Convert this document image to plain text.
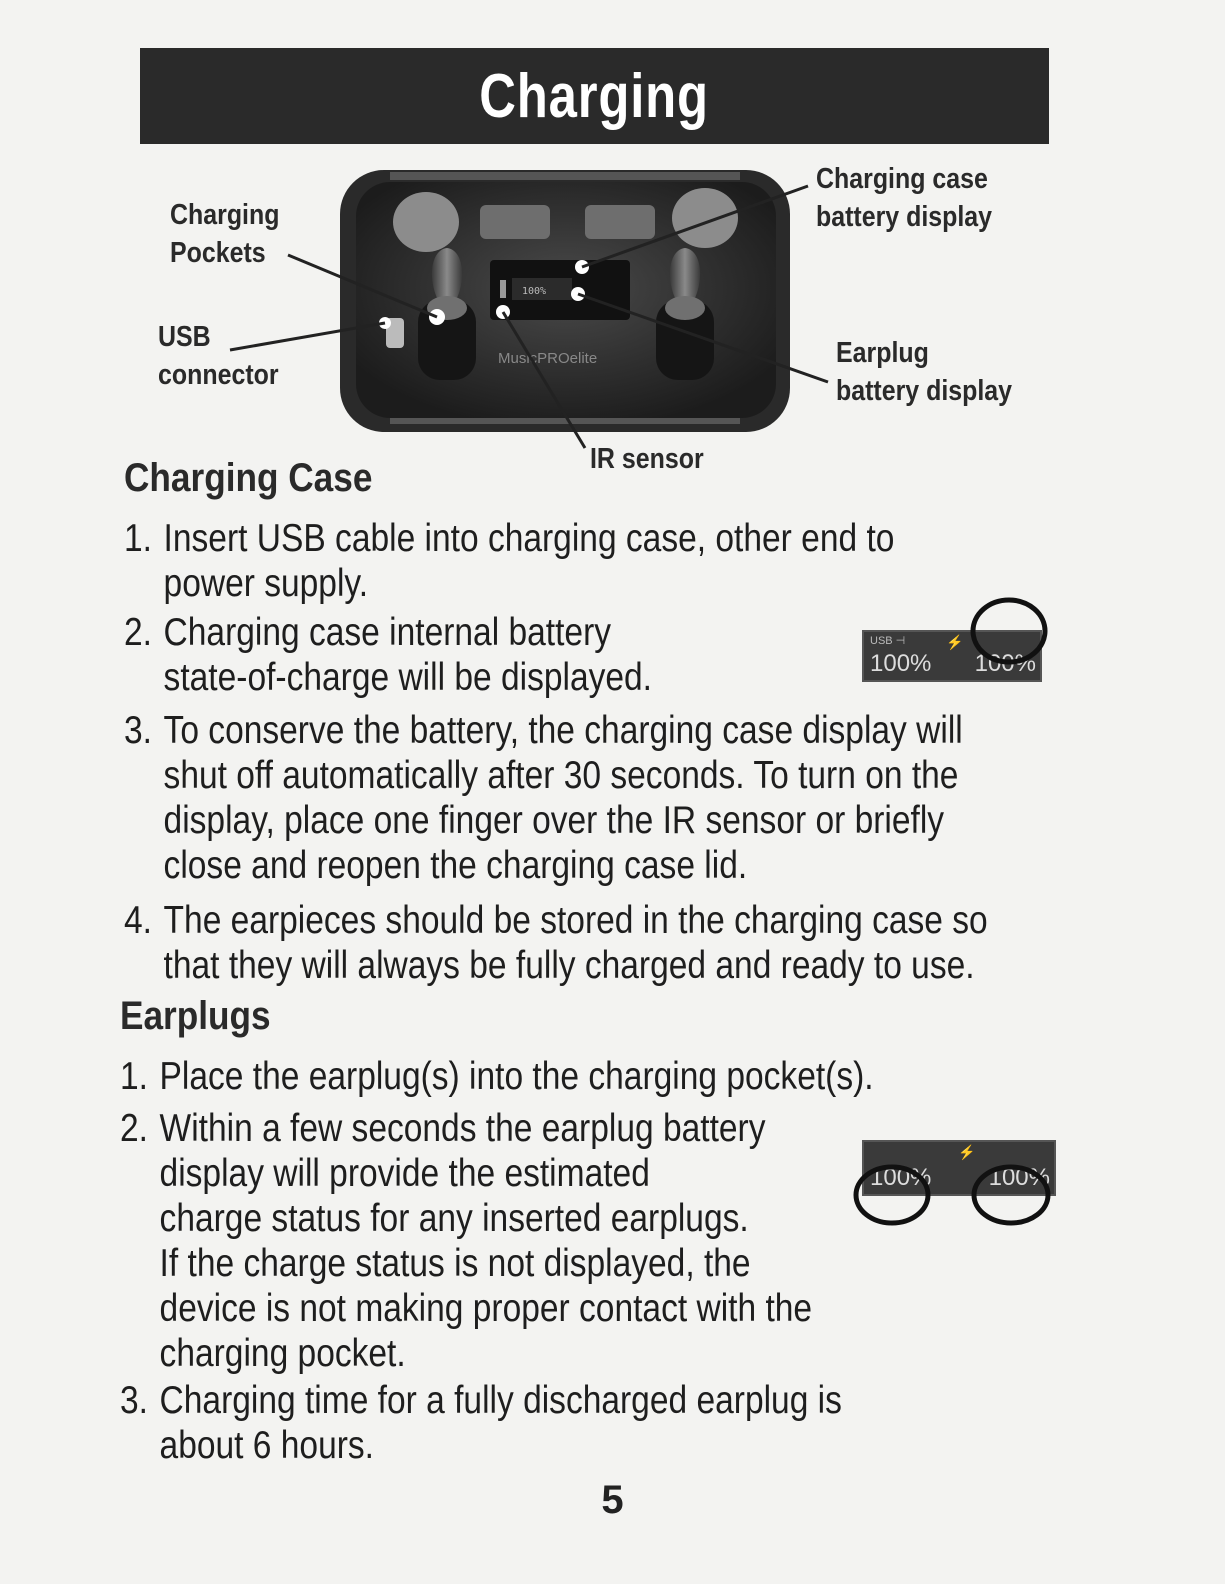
Charging
100%
MusicPROelite
Charging
Pockets
USB
connector
Charging case
battery display
Earplug
battery display
IR sensor
Charging Case
1. Insert USB cable into charging case, other end to
power supply.
2. Charging case internal battery
state-of-charge will be displayed.
USB ⊣	⚡
100% 100%
3. To conserve the battery, the charging case display will
shut off automatically after 30 seconds. To turn on the
display, place one finger over the IR sensor or briefly
close and reopen the charging case lid.
4. The earpieces should be stored in the charging case so
that they will always be fully charged and ready to use.
Earplugs
1. Place the earplug(s) into the charging pocket(s).
2. Within a few seconds the earplug battery
display will provide the estimated
charge status for any inserted earplugs.
If the charge status is not displayed, the
device is not making proper contact with the
charging pocket.
⚡
100% 100%
3. Charging time for a fully discharged earplug is
about 6 hours.
5
